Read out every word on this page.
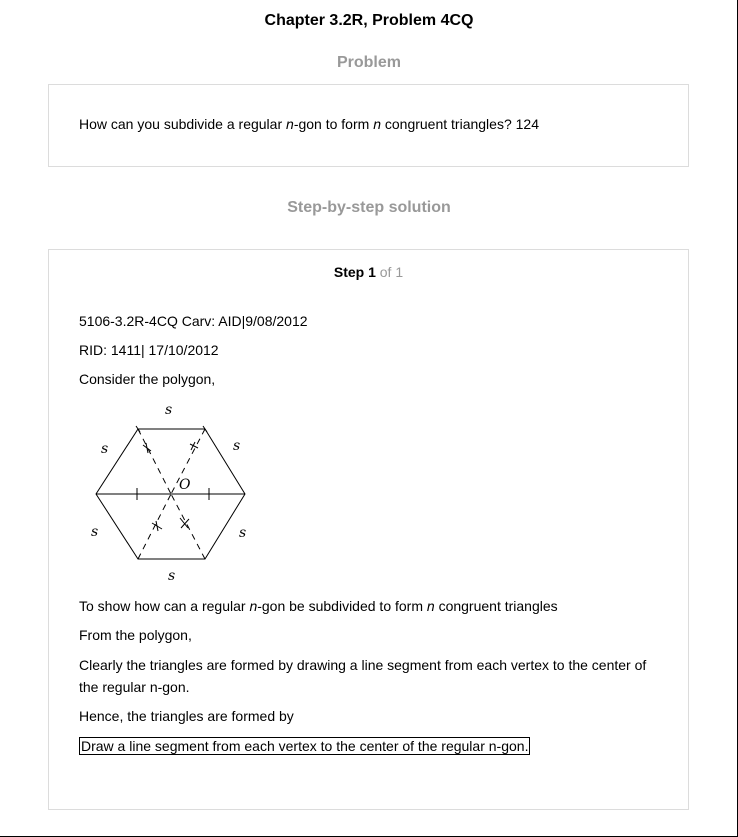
Chapter 3.2R, Problem 4CQ
Problem
How can you subdivide a regular n-gon to form n congruent triangles? 124
Step-by-step solution
Step 1 of 1
5106-3.2R-4CQ Carv: AID|9/08/2012
RID: 1411| 17/10/2012
Consider the polygon,
s
s	s
s	s
s
O
To show how can a regular n-gon be subdivided to form n congruent triangles
From the polygon,
Clearly the triangles are formed by drawing a line segment from each vertex to the center of the regular n-gon.
Hence, the triangles are formed by
Draw a line segment from each vertex to the center of the regular n-gon.
